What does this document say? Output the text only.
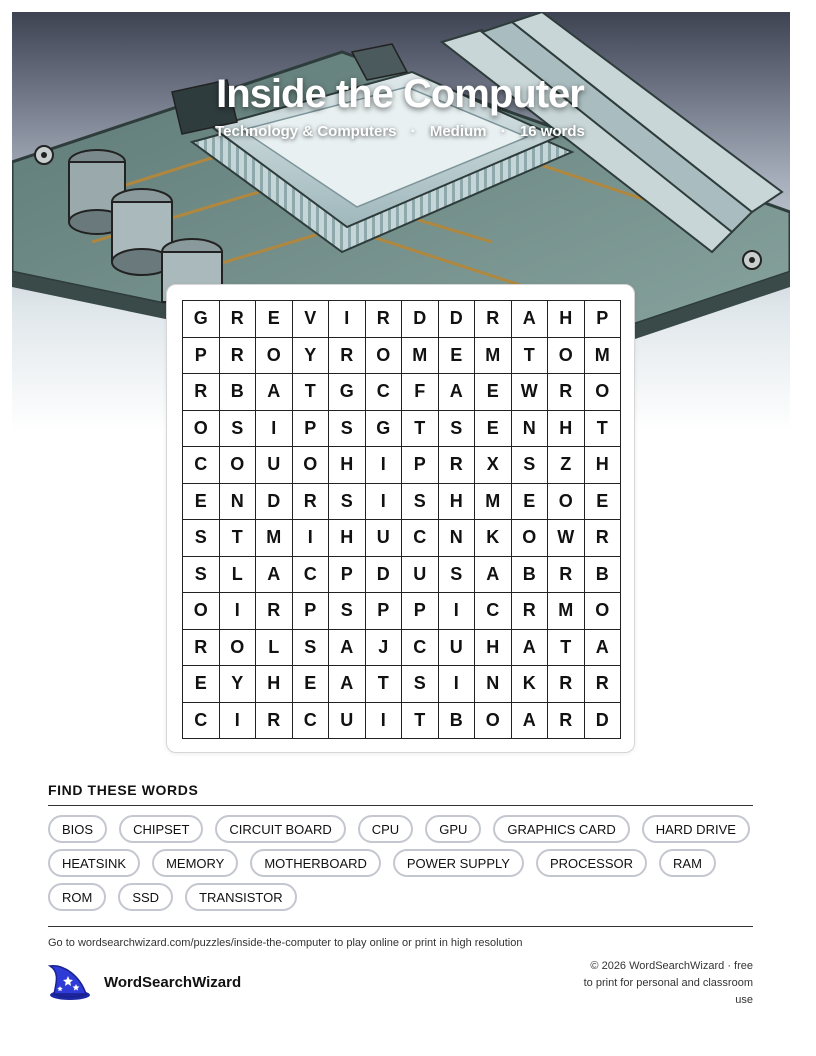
Inside the Computer
Technology & Computers · Medium · 16 words
G	R	E	V	I	R	D	D	R	A	H	P
P	R	O	Y	R	O	M	E	M	T	O	M
R	B	A	T	G	C	F	A	E	W	R	O
O	S	I	P	S	G	T	S	E	N	H	T
C	O	U	O	H	I	P	R	X	S	Z	H
E	N	D	R	S	I	S	H	M	E	O	E
S	T	M	I	H	U	C	N	K	O	W	R
S	L	A	C	P	D	U	S	A	B	R	B
O	I	R	P	S	P	P	I	C	R	M	O
R	O	L	S	A	J	C	U	H	A	T	A
E	Y	H	E	A	T	S	I	N	K	R	R
C	I	R	C	U	I	T	B	O	A	R	D
FIND THESE WORDS
BIOS	CHIPSET	CIRCUIT BOARD	CPU	GPU	GRAPHICS CARD	HARD DRIVE
HEATSINK	MEMORY	MOTHERBOARD	POWER SUPPLY	PROCESSOR	RAM
ROM	SSD	TRANSISTOR
Go to wordsearchwizard.com/puzzles/inside-the-computer to play online or print in high resolution
WordSearchWizard
© 2026 WordSearchWizard · free to print for personal and classroom use
